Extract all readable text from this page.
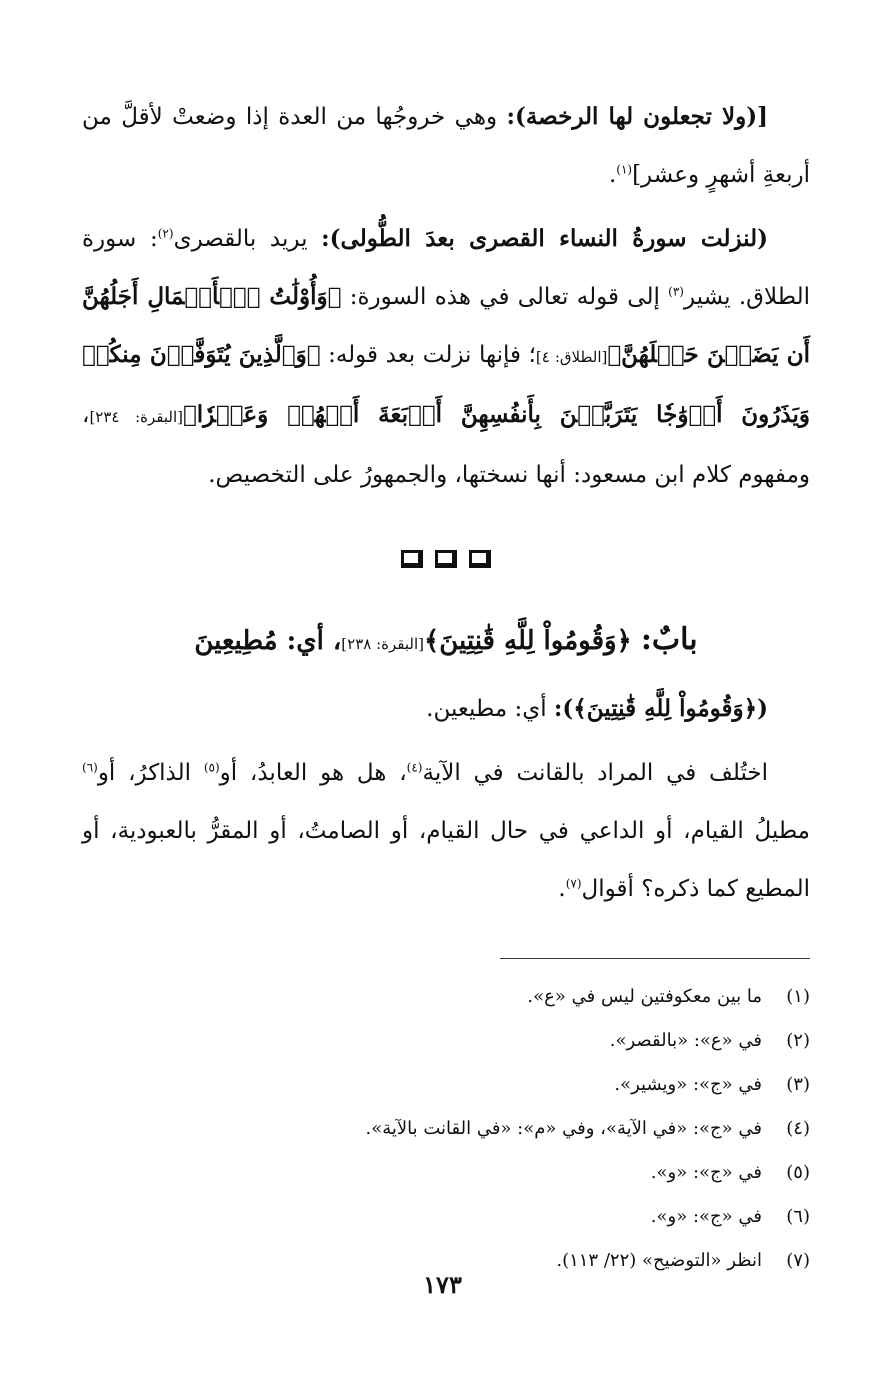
[(ولا تجعلون لها الرخصة): وهي خروجُها من العدة إذا وضعتْ لأقلَّ من أربعةِ أشهرٍ وعشر]$^{(١)}$.

(لنزلت سورةُ النساء القصرى بعدَ الطُّولى): يريد بالقصرى$^{(٢)}$: سورة الطلاق. يشير$^{(٣)}$ إلى قوله تعالى في هذه السورة: ﴿وَأُوْلَٰتُ ٱلۡأَحۡمَالِ أَجَلُهُنَّ أَن يَضَعۡنَ حَمۡلَهُنَّ﴾[الطلاق: ٤]؛ فإنها نزلت بعد قوله: ﴿وَٱلَّذِينَ يُتَوَفَّوۡنَ مِنكُمۡ وَيَذَرُونَ أَزۡوَٰجٗا يَتَرَبَّصۡنَ بِأَنفُسِهِنَّ أَرۡبَعَةَ أَشۡهُرٖ وَعَشۡرٗا﴾[البقرة: ٢٣٤]، ومفهوم كلام ابن مسعود: أنها نسختها، والجمهورُ على التخصيص.

بابٌ: ﴿وَقُومُواْ لِلَّهِ قَٰنِتِينَ﴾[البقرة: ٢٣٨]، أي: مُطِيعِينَ

(﴿وَقُومُواْ لِلَّهِ قَٰنِتِينَ﴾): أي: مطيعين.

اختُلف في المراد بالقانت في الآية$^{(٤)}$، هل هو العابدُ، أو$^{(٥)}$ الذاكرُ، أو$^{(٦)}$ مطيلُ القيام، أو الداعي في حال القيام، أو الصامتُ، أو المقرُّ بالعبودية، أو المطيع كما ذكره؟ أقوال$^{(٧)}$.

(١)
ما بين معكوفتين ليس في «ع».
(٢)
في «ع»: «بالقصر».
(٣)
في «ج»: «ويشير».
(٤)
في «ج»: «في الآية»، وفي «م»: «في القانت بالآية».
(٥)
في «ج»: «و».
(٦)
في «ج»: «و».
(٧)
انظر «التوضيح» (٢٢/ ١١٣).
١٧٣
